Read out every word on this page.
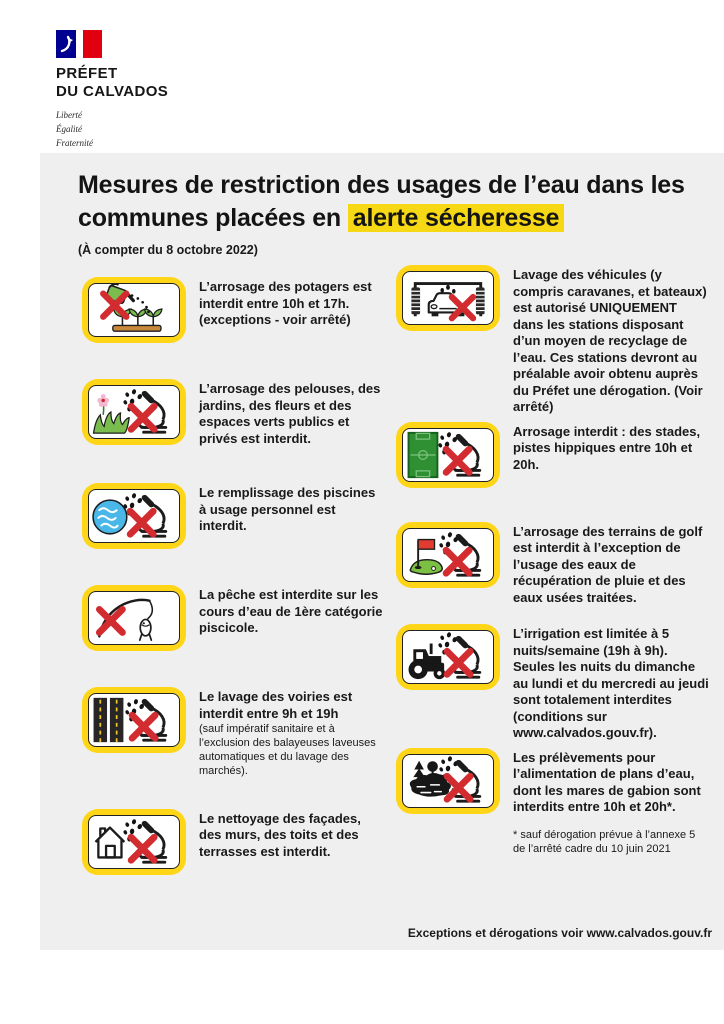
PRÉFET
DU CALVADOS
Liberté
Égalité
Fraternité
Mesures de restriction des usages de l’eau dans les communes placées en alerte sécheresse
(À compter du 8 octobre 2022)

L’arrosage des potagers est interdit entre 10h et 17h. (exceptions - voir arrêté)

L’arrosage des pelouses, des jardins, des fleurs et des espaces verts publics et privés est interdit.

Le remplissage des piscines à usage personnel est interdit.

La pêche est interdite sur les cours d’eau de 1ère catégorie piscicole.

Le lavage des voiries est interdit entre 9h et 19h

(sauf impératif sanitaire et à l’exclusion des balayeuses laveuses automatiques et du lavage des marchés).

Le nettoyage des façades, des murs, des toits et des terrasses est interdit.

Lavage des véhicules (y compris caravanes, et bateaux) est autorisé UNIQUEMENT dans les stations disposant d’un moyen de recyclage de l’eau. Ces stations devront au préalable avoir obtenu auprès du Préfet une dérogation. (Voir arrêté)

Arrosage interdit : des stades, pistes hippiques entre 10h et 20h.

L’arrosage des terrains de golf est interdit à l’exception de l’usage des eaux de récupération de pluie et des eaux usées traitées.

L’irrigation est limitée à 5 nuits/semaine (19h à 9h). Seules les nuits du dimanche au lundi et du mercredi au jeudi sont totalement interdites (conditions sur www.calvados.gouv.fr).

Les prélèvements pour l’alimentation de plans d’eau, dont les mares de gabion sont interdits entre 10h et 20h*.

* sauf dérogation prévue à l’annexe 5 de l’arrêté cadre du 10 juin 2021

Exceptions et dérogations voir www.calvados.gouv.fr
